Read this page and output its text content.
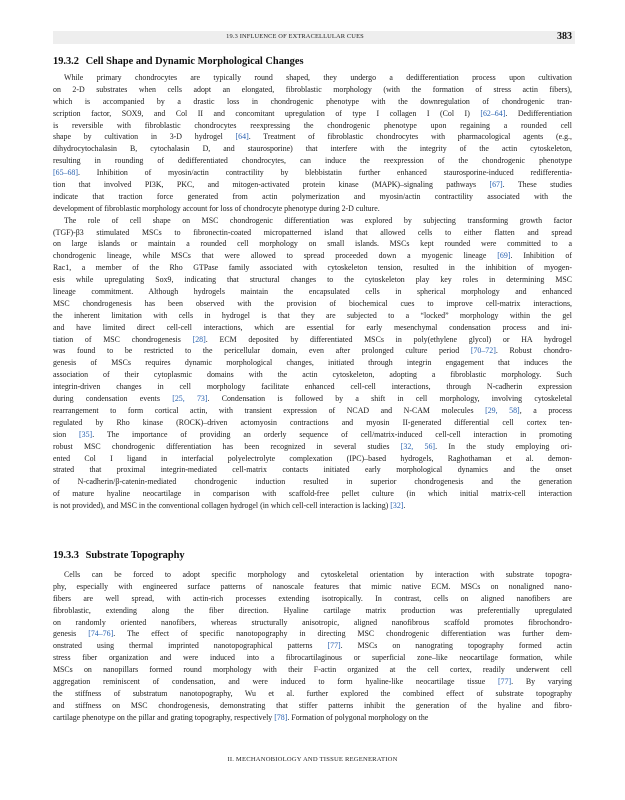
19.3 INFLUENCE OF EXTRACELLULAR CUES	383
19.3.2 Cell Shape and Dynamic Morphological Changes
While primary chondrocytes are typically round shaped, they undergo a dedifferentiation process upon cultivation
on 2-D substrates when cells adopt an elongated, fibroblastic morphology (with the formation of stress actin fibers),
which is accompanied by a drastic loss in chondrogenic phenotype with the downregulation of chondrogenic tran-
scription factor, SOX9, and Col II and concomitant upregulation of type I collagen I (Col I) [62–64]. Dedifferentiation
is reversible with fibroblastic chondrocytes reexpressing the chondrogenic phenotype upon regaining a rounded cell
shape by cultivation in 3-D hydrogel [64]. Treatment of fibroblastic chondrocytes with pharmacological agents (e.g.,
dihydrocytochalasin B, cytochalasin D, and staurosporine) that interfere with the integrity of the actin cytoskeleton,
resulting in rounding of dedifferentiated chondrocytes, can induce the reexpression of the chondrogenic phenotype
[65–68]. Inhibition of myosin/actin contractility by blebbistatin further enhanced staurosporine-induced redifferentia-
tion that involved PI3K, PKC, and mitogen-activated protein kinase (MAPK)–signaling pathways [67]. These studies
indicate that traction force generated from actin polymerization and myosin/actin contractility associated with the
development of fibroblastic morphology account for loss of chondrocyte phenotype during 2-D culture.
The role of cell shape on MSC chondrogenic differentiation was explored by subjecting transforming growth factor
(TGF)-β3 stimulated MSCs to fibronectin-coated micropatterned island that allowed cells to either flatten and spread
on large islands or maintain a rounded cell morphology on small islands. MSCs kept rounded were committed to a
chondrogenic lineage, while MSCs that were allowed to spread proceeded down a myogenic lineage [69]. Inhibition of
Rac1, a member of the Rho GTPase family associated with cytoskeleton tension, resulted in the inhibition of myogen-
esis while upregulating Sox9, indicating that structural changes to the cytoskeleton play key roles in determining MSC
lineage commitment. Although hydrogels maintain the encapsulated cells in spherical morphology and enhanced
MSC chondrogenesis has been observed with the provision of biochemical cues to improve cell-matrix interactions,
the inherent limitation with cells in hydrogel is that they are subjected to a “locked” morphology within the gel
and have limited direct cell-cell interactions, which are essential for early mesenchymal condensation process and ini-
tiation of MSC chondrogenesis [28]. ECM deposited by differentiated MSCs in poly(ethylene glycol) or HA hydrogel
was found to be restricted to the pericellular domain, even after prolonged culture period [70–72]. Robust chondro-
genesis of MSCs requires dynamic morphological changes, initiated through integrin engagement that induces the
association of their cytoplasmic domains with the actin cytoskeleton, adopting a fibroblastic morphology. Such
integrin-driven changes in cell morphology facilitate enhanced cell-cell interactions, through N-cadherin expression
during condensation events [25, 73]. Condensation is followed by a shift in cell morphology, involving cytoskeletal
rearrangement to form cortical actin, with transient expression of NCAD and N-CAM molecules [29, 58], a process
regulated by Rho kinase (ROCK)–driven actomyosin contractions and myosin II-generated differential cell cortex ten-
sion [35]. The importance of providing an orderly sequence of cell/matrix-induced cell-cell interaction in promoting
robust MSC chondrogenic differentiation has been recognized in several studies [32, 56]. In the study employing ori-
ented Col I ligand in interfacial polyelectrolyte complexation (IPC)–based hydrogels, Raghothaman et al. demon-
strated that proximal integrin-mediated cell-matrix contacts initiated early morphological dynamics and the onset
of N-cadherin/β-catenin-mediated chondrogenic induction resulted in superior chondrogenesis and the generation
of mature hyaline neocartilage in comparison with scaffold-free pellet culture (in which initial matrix-cell interaction
is not provided), and MSC in the conventional collagen hydrogel (in which cell-cell interaction is lacking) [32].
19.3.3 Substrate Topography
Cells can be forced to adopt specific morphology and cytoskeletal orientation by interaction with substrate topogra-
phy, especially with engineered surface patterns of nanoscale features that mimic native ECM. MSCs on nonaligned nano-
fibers are well spread, with actin-rich processes extending isotropically. In contrast, cells on aligned nanofibers are
fibroblastic, extending along the fiber direction. Hyaline cartilage matrix production was preferentially upregulated
on randomly oriented nanofibers, whereas structurally anisotropic, aligned nanofibrous scaffold promotes fibrochondro-
genesis [74–76]. The effect of specific nanotopography in directing MSC chondrogenic differentiation was further dem-
onstrated using thermal imprinted nanotopographical patterns [77]. MSCs on nanograting topography formed actin
stress fiber organization and were induced into a fibrocartilaginous or superficial zone–like neocartilage formation, while
MSCs on nanopillars formed round morphology with their F-actin organized at the cell cortex, readily underwent cell
aggregation reminiscent of condensation, and were induced to form hyaline-like neocartilage tissue [77]. By varying
the stiffness of substratum nanotopography, Wu et al. further explored the combined effect of substrate topography
and stiffness on MSC chondrogenesis, demonstrating that stiffer patterns inhibit the generation of the hyaline and fibro-
cartilage phenotype on the pillar and grating topography, respectively [78]. Formation of polygonal morphology on the
II. MECHANOBIOLOGY AND TISSUE REGENERATION
